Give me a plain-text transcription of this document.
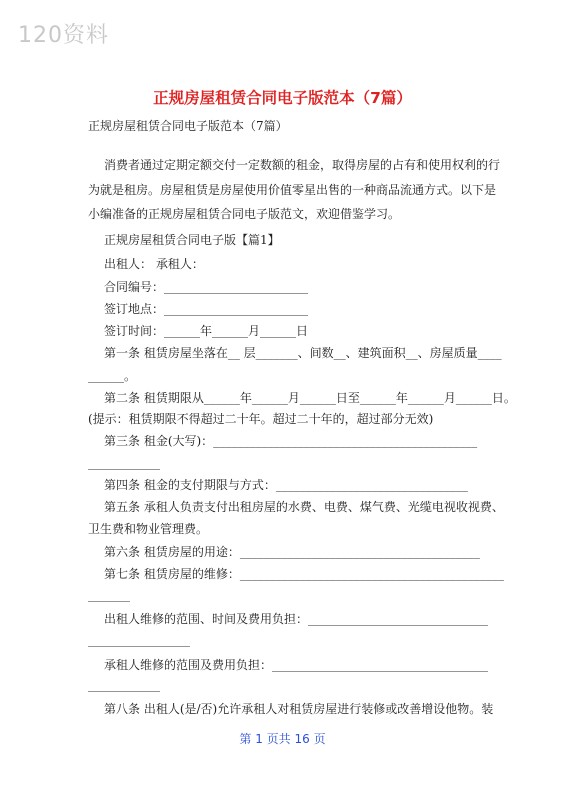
120资料
正规房屋租赁合同电子版范本（7篇）
正规房屋租赁合同电子版范本（7篇）
消费者通过定期定额交付一定数额的租金，取得房屋的占有和使用权利的行
为就是租房。房屋租赁是房屋使用价值零星出售的一种商品流通方式。以下是
小编准备的正规房屋租赁合同电子版范文，欢迎借鉴学习。
正规房屋租赁合同电子版【篇1】
出租人： 承租人：
合同编号：________________________
签订地点：________________________
签订时间：______年______月______日
第一条 租赁房屋坐落在__ 层_______、间数__、建筑面积__、房屋质量____
______。
第二条 租赁期限从______年______月______日至______年______月______日。
(提示：租赁期限不得超过二十年。超过二十年的，超过部分无效)
第三条 租金(大写)：____________________________________________
____________
第四条 租金的支付期限与方式：________________________________
第五条 承租人负责支付出租房屋的水费、电费、煤气费、光缆电视收视费、
卫生费和物业管理费。
第六条 租赁房屋的用途：________________________________________
第七条 租赁房屋的维修：____________________________________________
_______
出租人维修的范围、时间及费用负担：______________________________
_________________
第 1 页共 16 页
承租人维修的范围及费用负担：____________________________________
____________
第八条 出租人(是/否)允许承租人对租赁房屋进行装修或改善增设他物。装
